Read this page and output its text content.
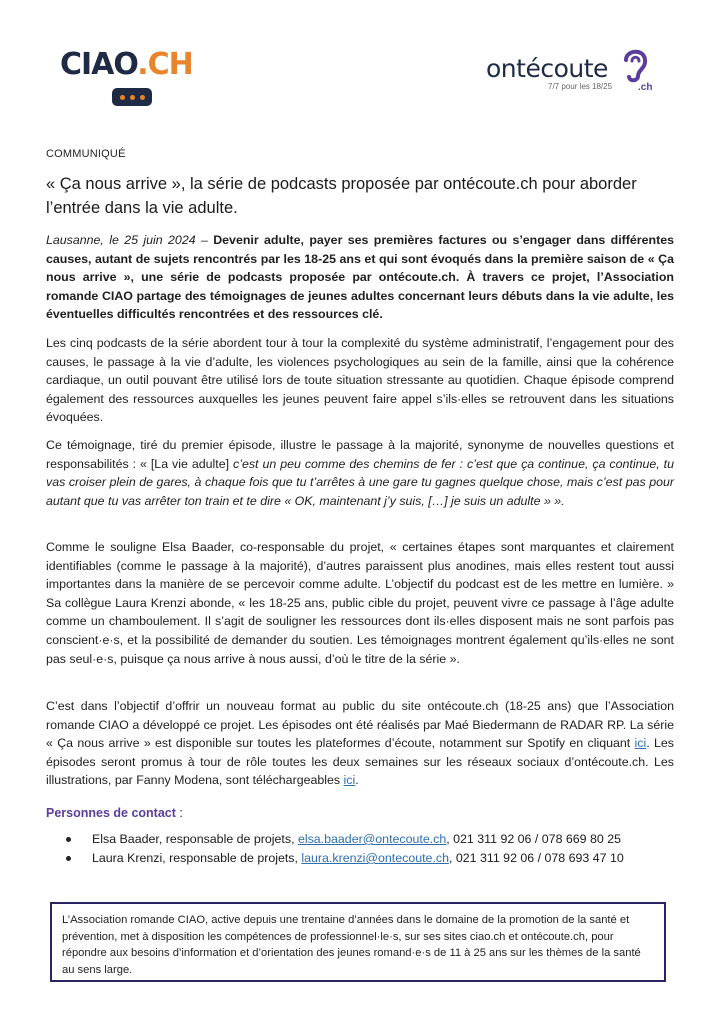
CIAO.CH	ontécoute
7/7 pour les 18/25	.ch
COMMUNIQUÉ
« Ça nous arrive », la série de podcasts proposée par ontécoute.ch pour aborder l’entrée dans la vie adulte.
Lausanne, le 25 juin 2024 – Devenir adulte, payer ses premières factures ou s’engager dans différentes causes, autant de sujets rencontrés par les 18-25 ans et qui sont évoqués dans la première saison de « Ça nous arrive », une série de podcasts proposée par ontécoute.ch. À travers ce projet, l’Association romande CIAO partage des témoignages de jeunes adultes concernant leurs débuts dans la vie adulte, les éventuelles difficultés rencontrées et des ressources clé.
Les cinq podcasts de la série abordent tour à tour la complexité du système administratif, l’engagement pour des causes, le passage à la vie d’adulte, les violences psychologiques au sein de la famille, ainsi que la cohérence cardiaque, un outil pouvant être utilisé lors de toute situation stressante au quotidien. Chaque épisode comprend également des ressources auxquelles les jeunes peuvent faire appel s’ils·elles se retrouvent dans les situations évoquées.
Ce témoignage, tiré du premier épisode, illustre le passage à la majorité, synonyme de nouvelles questions et responsabilités : « [La vie adulte] c’est un peu comme des chemins de fer : c’est que ça continue, ça continue, tu vas croiser plein de gares, à chaque fois que tu t’arrêtes à une gare tu gagnes quelque chose, mais c’est pas pour autant que tu vas arrêter ton train et te dire « OK, maintenant j’y suis, […] je suis un adulte » ».
Comme le souligne Elsa Baader, co-responsable du projet, « certaines étapes sont marquantes et clairement identifiables (comme le passage à la majorité), d’autres paraissent plus anodines, mais elles restent tout aussi importantes dans la manière de se percevoir comme adulte. L’objectif du podcast est de les mettre en lumière. » Sa collègue Laura Krenzi abonde, « les 18-25 ans, public cible du projet, peuvent vivre ce passage à l’âge adulte comme un chamboulement. Il s’agit de souligner les ressources dont ils·elles disposent mais ne sont parfois pas conscient·e·s, et la possibilité de demander du soutien. Les témoignages montrent également qu’ils·elles ne sont pas seul·e·s, puisque ça nous arrive à nous aussi, d’où le titre de la série ».
C’est dans l’objectif d’offrir un nouveau format au public du site ontécoute.ch (18-25 ans) que l’Association romande CIAO a développé ce projet. Les épisodes ont été réalisés par Maé Biedermann de RADAR RP. La série « Ça nous arrive » est disponible sur toutes les plateformes d’écoute, notamment sur Spotify en cliquant ici. Les épisodes seront promus à tour de rôle toutes les deux semaines sur les réseaux sociaux d’ontécoute.ch. Les illustrations, par Fanny Modena, sont téléchargeables ici.
Personnes de contact :
Elsa Baader, responsable de projets, elsa.baader@ontecoute.ch, 021 311 92 06 / 078 669 80 25
Laura Krenzi, responsable de projets, laura.krenzi@ontecoute.ch, 021 311 92 06 / 078 693 47 10
L’Association romande CIAO, active depuis une trentaine d’années dans le domaine de la promotion de la santé et prévention, met à disposition les compétences de professionnel·le·s, sur ses sites ciao.ch et ontécoute.ch, pour répondre aux besoins d’information et d’orientation des jeunes romand·e·s de 11 à 25 ans sur les thèmes de la santé au sens large.
